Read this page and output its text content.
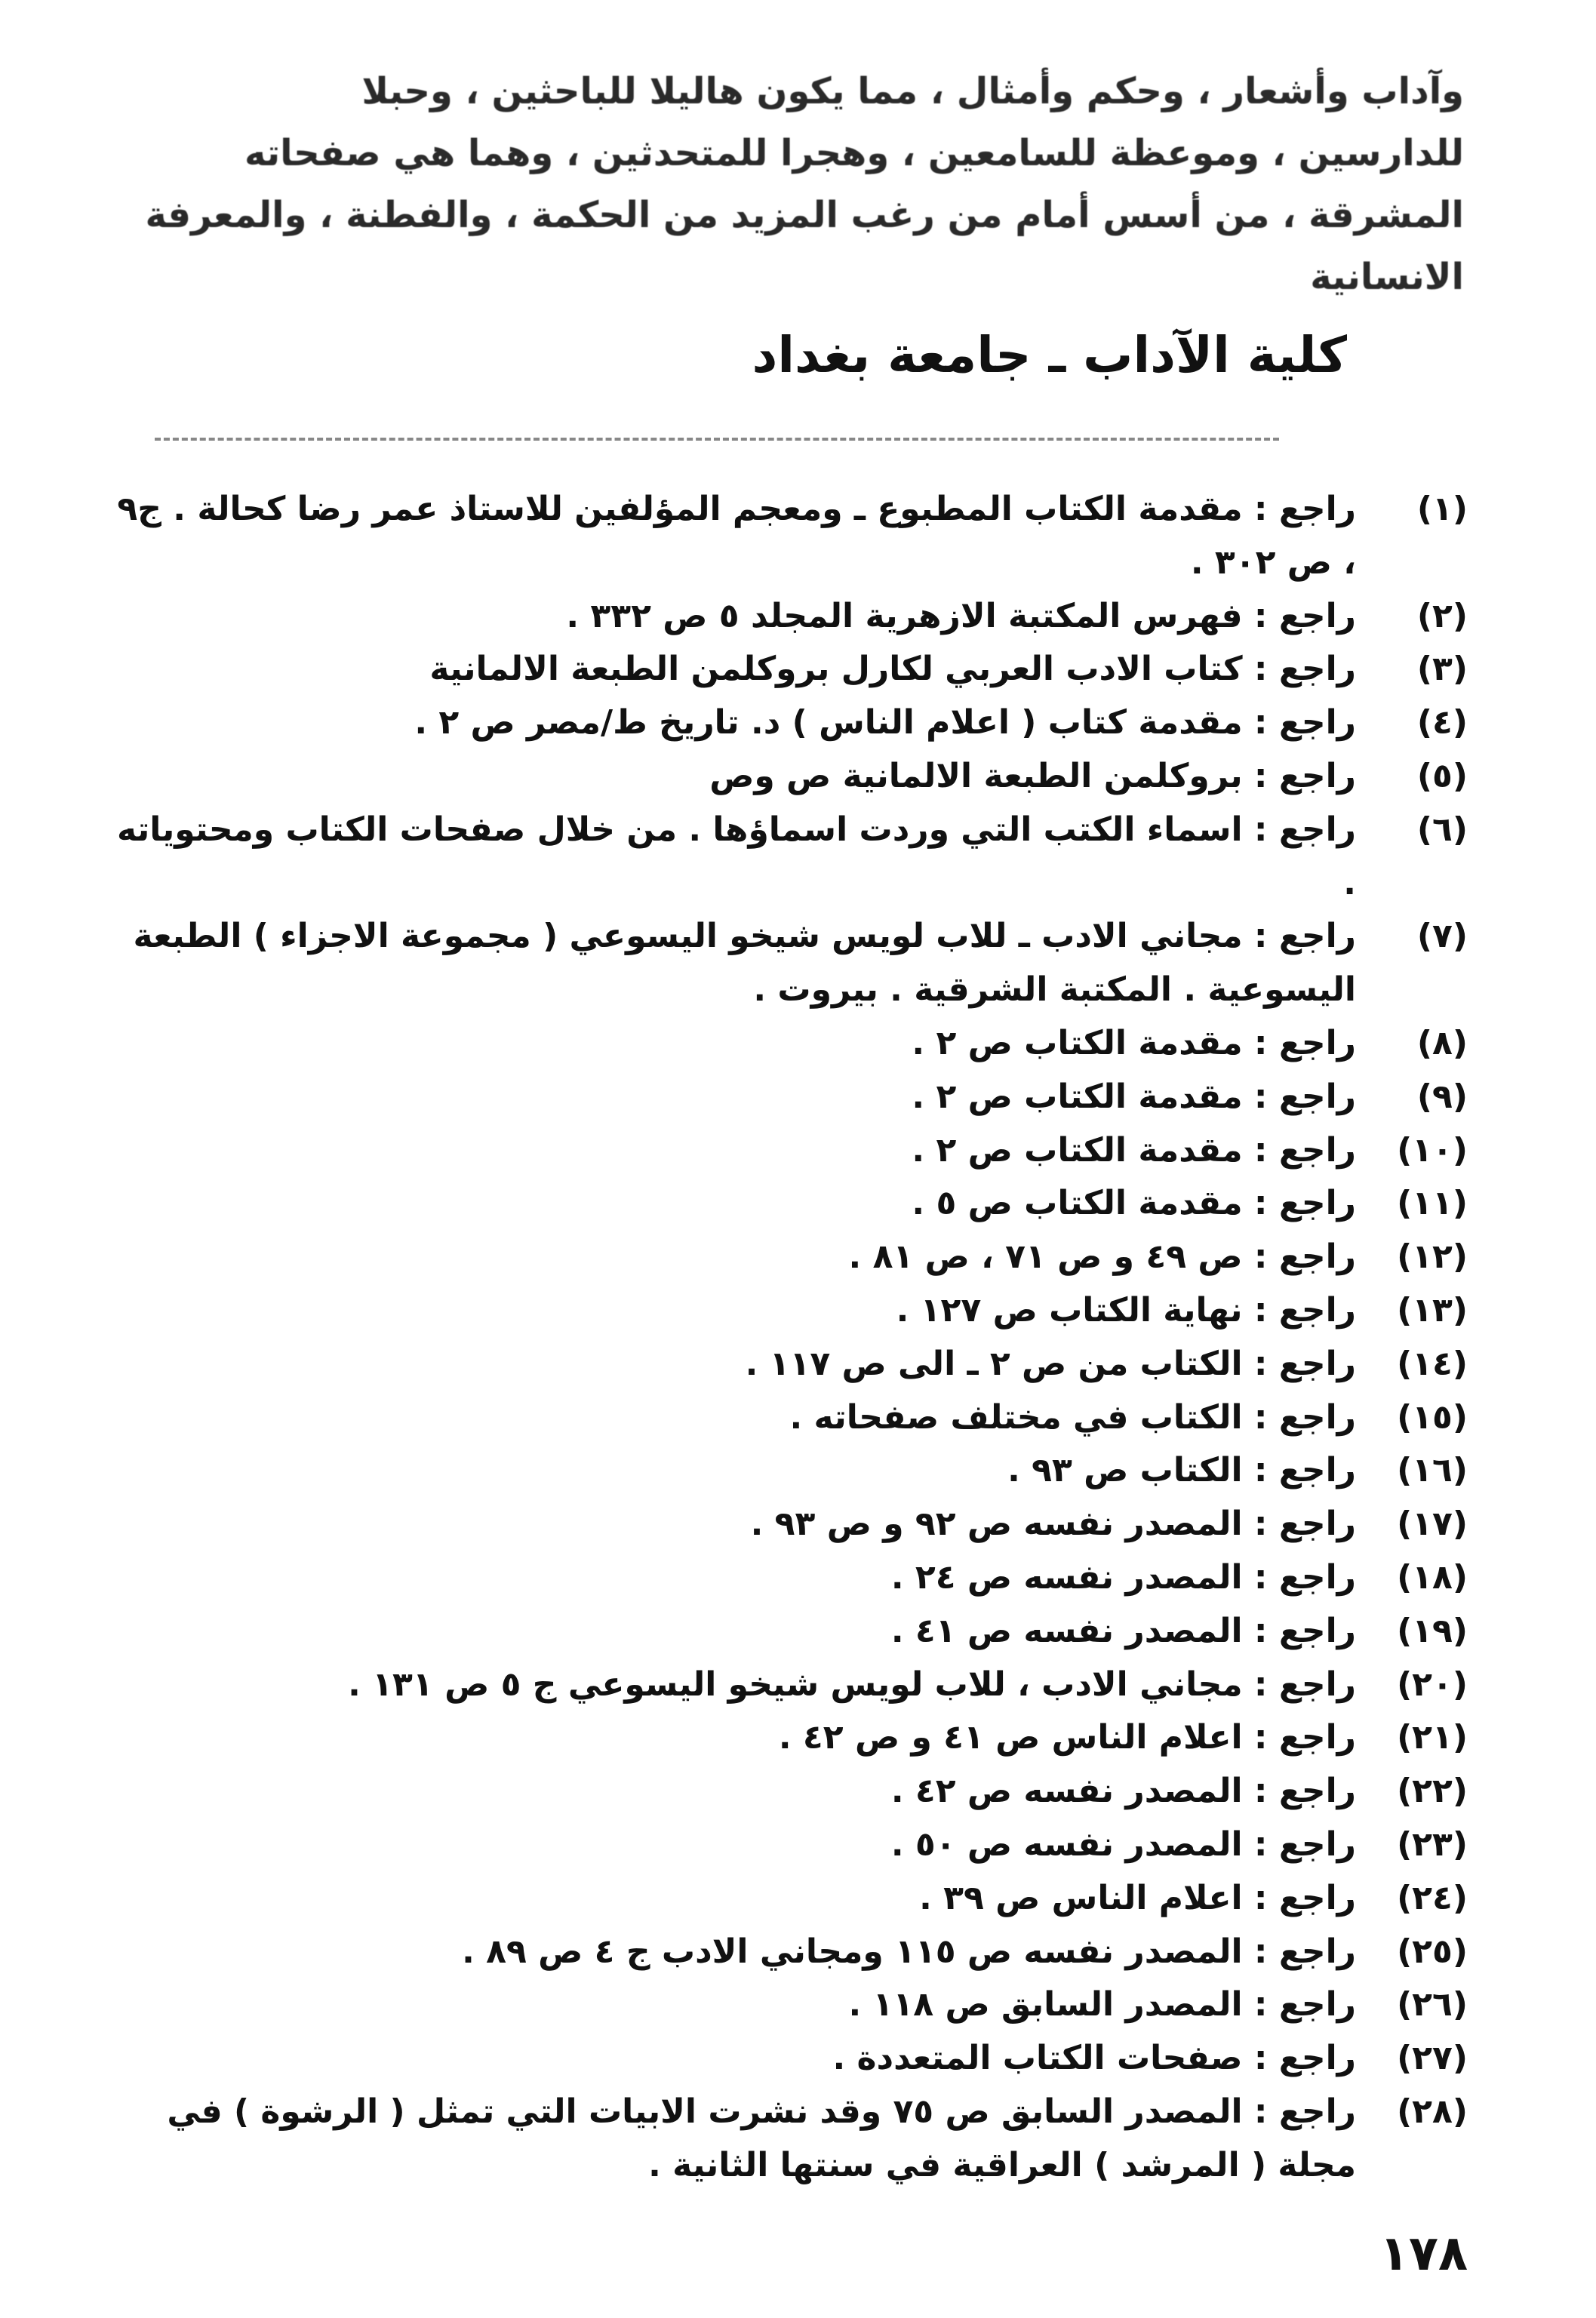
وآداب وأشعار ، وحكم وأمثال ، مما يكون هاليلا للباحثين ، وحبلا
للدارسين ، وموعظة للسامعين ، وهجرا للمتحدثين ، وهما هي صفحاته
المشرقة ، من أسس أمام من رغب المزيد من الحكمة ، والفطنة ، والمعرفة
الانسانية
كلية الآداب ـ جامعة بغداد
(١)
راجع : مقدمة الكتاب المطبوع ـ ومعجم المؤلفين للاستاذ عمر رضا كحالة . ج٩ ، ص ٣٠٢ .
(٢)
راجع : فهرس المكتبة الازهرية المجلد ٥ ص ٣٣٢ .
(٣)
راجع : كتاب الادب العربي لكارل بروكلمن الطبعة الالمانية
(٤)
راجع : مقدمة كتاب ( اعلام الناس ) د. تاريخ ط/مصر ص ٢ .
(٥)
راجع : بروكلمن الطبعة الالمانية ص وص
(٦)
راجع : اسماء الكتب التي وردت اسماؤها . من خلال صفحات الكتاب ومحتوياته .
(٧)
راجع : مجاني الادب ـ للاب لويس شيخو اليسوعي ( مجموعة الاجزاء ) الطبعة اليسوعية . المكتبة الشرقية . بيروت .
(٨)
راجع : مقدمة الكتاب ص ٢ .
(٩)
راجع : مقدمة الكتاب ص ٢ .
(١٠)
راجع : مقدمة الكتاب ص ٢ .
(١١)
راجع : مقدمة الكتاب ص ٥ .
(١٢)
راجع : ص ٤٩ و ص ٧١ ، ص ٨١ .
(١٣)
راجع : نهاية الكتاب ص ١٢٧ .
(١٤)
راجع : الكتاب من ص ٢ ـ الى ص ١١٧ .
(١٥)
راجع : الكتاب في مختلف صفحاته .
(١٦)
راجع : الكتاب ص ٩٣ .
(١٧)
راجع : المصدر نفسه ص ٩٢ و ص ٩٣ .
(١٨)
راجع : المصدر نفسه ص ٢٤ .
(١٩)
راجع : المصدر نفسه ص ٤١ .
(٢٠)
راجع : مجاني الادب ، للاب لويس شيخو اليسوعي ج ٥ ص ١٣١ .
(٢١)
راجع : اعلام الناس ص ٤١ و ص ٤٢ .
(٢٢)
راجع : المصدر نفسه ص ٤٢ .
(٢٣)
راجع : المصدر نفسه ص ٥٠ .
(٢٤)
راجع : اعلام الناس ص ٣٩ .
(٢٥)
راجع : المصدر نفسه ص ١١٥ ومجاني الادب ج ٤ ص ٨٩ .
(٢٦)
راجع : المصدر السابق ص ١١٨ .
(٢٧)
راجع : صفحات الكتاب المتعددة .
(٢٨)
راجع : المصدر السابق ص ٧٥ وقد نشرت الابيات التي تمثل ( الرشوة ) في مجلة ( المرشد ) العراقية في سنتها الثانية .
١٧٨
